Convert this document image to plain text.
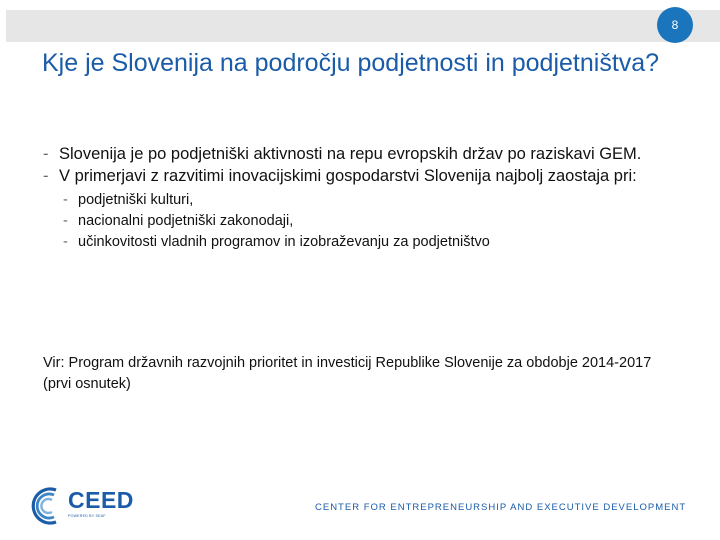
8
Kje je Slovenija na področju podjetnosti in podjetništva?
- Slovenija je po podjetniški aktivnosti na repu evropskih držav po raziskavi GEM.
- V primerjavi z razvitimi inovacijskimi gospodarstvi Slovenija najbolj zaostaja pri:
- podjetniški kulturi,
- nacionalni podjetniški zakonodaji,
- učinkovitosti vladnih programov in izobraževanju za podjetništvo

Vir: Program državnih razvojnih prioritet in investicij Republike Slovenije za obdobje 2014-2017 (prvi osnutek)

CEED
POWERED BY SEAF
CENTER FOR ENTREPRENEURSHIP AND EXECUTIVE DEVELOPMENT
